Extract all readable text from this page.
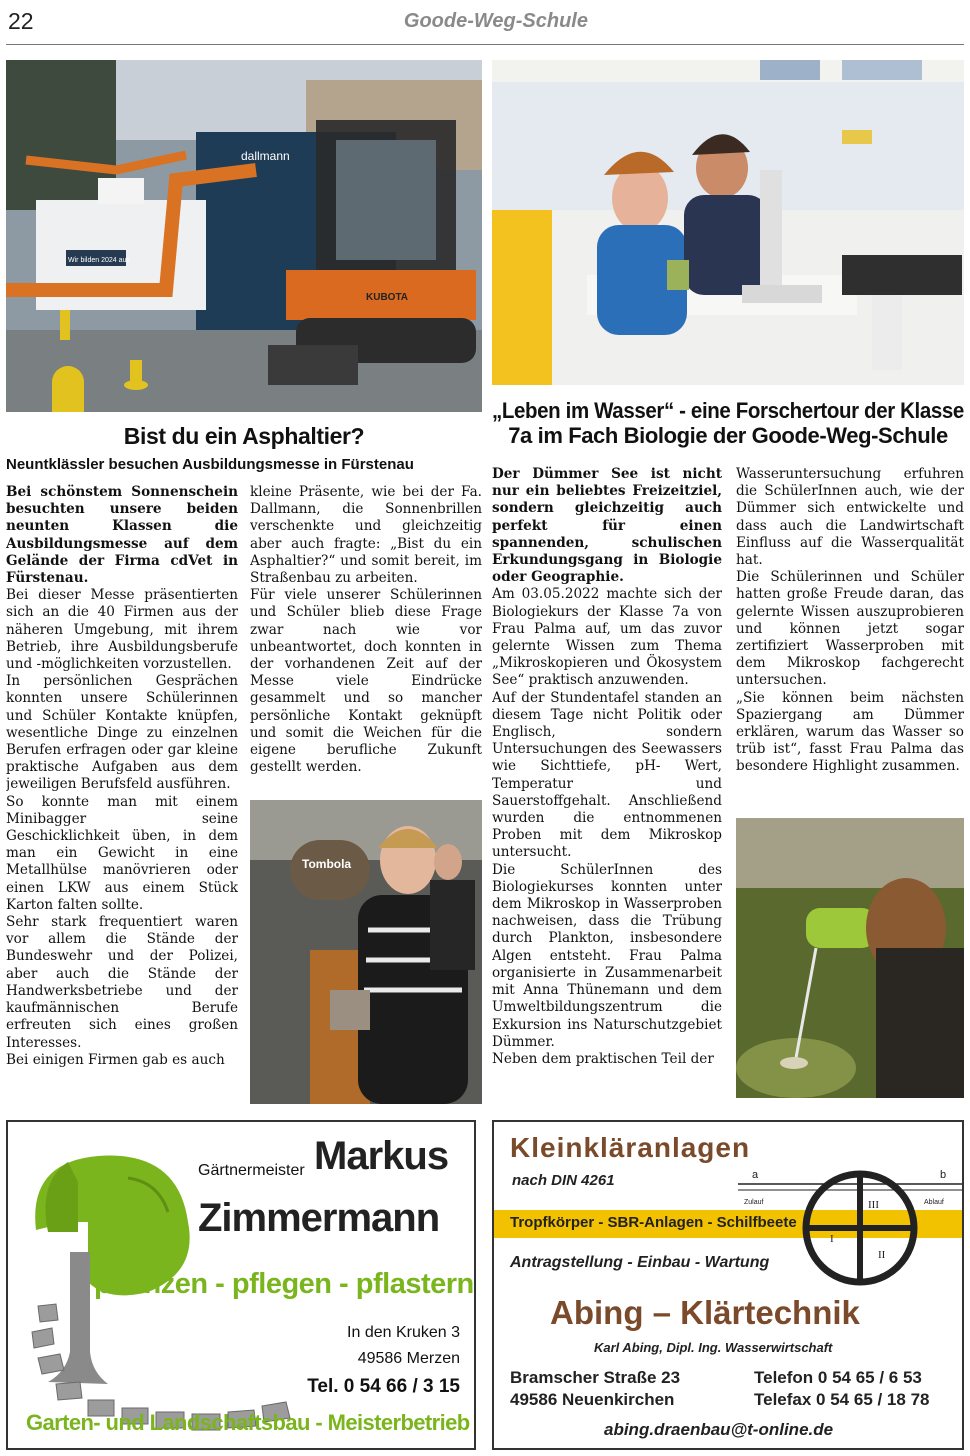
22	Goode-Weg-Schule
dallmann
Wir bilden 2024 aus
KUBOTA
„Leben im Wasser“ - eine Forschertour der Klasse
7a im Fach Biologie der Goode-Weg-Schule
Bist du ein Asphaltier?
Neuntklässler besuchen Ausbildungsmesse in Fürstenau

Bei schönstem Sonnenschein besuchten unsere beiden neunten Klassen die Ausbildungsmesse auf dem Gelände der Firma cdVet in Fürstenau.

Bei dieser Messe präsentierten sich an die 40 Firmen aus der näheren Umgebung, mit ihrem Betrieb, ihre Ausbildungsberufe und -möglichkeiten vorzustellen.

In persönlichen Gesprächen konnten unsere Schülerinnen und Schüler Kontakte knüpfen, wesentliche Dinge zu einzelnen Berufen erfragen oder gar kleine praktische Aufgaben aus dem jeweiligen Berufsfeld ausführen.

So konnte man mit einem Minibagger seine Geschicklichkeit üben, in dem man ein Gewicht in eine Metallhülse manövrieren oder einen LKW aus einem Stück Karton falten sollte.

Sehr stark frequentiert waren vor allem die Stände der Bundeswehr und der Polizei, aber auch die Stände der Handwerksbetriebe und der kaufmännischen Berufe erfreuten sich eines großen Interesses.

Bei einigen Firmen gab es auch

kleine Präsente, wie bei der Fa. Dallmann, die Sonnenbrillen verschenkte und gleichzeitig aber auch fragte: „Bist du ein Asphaltier?“ und somit bereit, im Straßenbau zu arbeiten.

Für viele unserer Schülerinnen und Schüler blieb diese Frage zwar nach wie vor unbeantwortet, doch konnten in der vorhandenen Zeit auf der Messe viele Eindrücke gesammelt und so mancher persönliche Kontakt geknüpft und somit die Weichen für die eigene berufliche Zukunft gestellt werden.

Tombola

Der Dümmer See ist nicht nur ein beliebtes Freizeitziel, sondern gleichzeitig auch perfekt für einen spannenden, schulischen Erkundungsgang in Biologie oder Geographie.

Am 03.05.2022 machte sich der Biologiekurs der Klasse 7a von Frau Palma auf, um das zuvor gelernte Wissen zum Thema „Mikroskopieren und Ökosystem See“ praktisch anzuwenden.

Auf der Stundentafel standen an diesem Tage nicht Politik oder Englisch, sondern Untersuchungen des Seewassers wie Sichttiefe, pH- Wert, Temperatur und Sauerstoffgehalt. Anschließend wurden die entnommenen Proben mit dem Mikroskop untersucht.

Die SchülerInnen des Biologiekurses konnten unter dem Mikroskop in Wasserproben nachweisen, dass die Trübung durch Plankton, insbesondere Algen entsteht. Frau Palma organisierte in Zusammenarbeit mit Anna Thünemann und dem Umweltbildungszentrum die Exkursion ins Naturschutzgebiet Dümmer.

Neben dem praktischen Teil der

Wasseruntersuchung erfuhren die SchülerInnen auch, wie der Dümmer sich entwickelte und dass auch die Landwirtschaft Einfluss auf die Wasserqualität hat.

Die Schülerinnen und Schüler hatten große Freude daran, das gelernte Wissen auszuprobieren und können jetzt sogar zertifiziert Wasserproben mit dem Mikroskop fachgerecht untersuchen.

„Sie können beim nächsten Spaziergang am Dümmer erklären, warum das Wasser so trüb ist“, fasst Frau Palma das besondere Highlight zusammen.

Gärtnermeister Markus
Zimmermann
pflanzen - pflegen - pflastern
In den Kruken 3
49586 Merzen
Tel. 0 54 66 / 3 15
Garten- und Landschaftsbau - Meisterbetrieb
Kleinkläranlagen
nach DIN 4261
Tropfkörper - SBR-Anlagen - Schilfbeete
Antragstellung - Einbau - Wartung
a	b
Zulauf	Ablauf
I
II
III
Abing – Klärtechnik
Karl Abing, Dipl. Ing. Wasserwirtschaft
Bramscher Straße 23
49586 Neuenkirchen
Telefon 0 54 65 / 6 53
Telefax 0 54 65 / 18 78
abing.draenbau@t-online.de
